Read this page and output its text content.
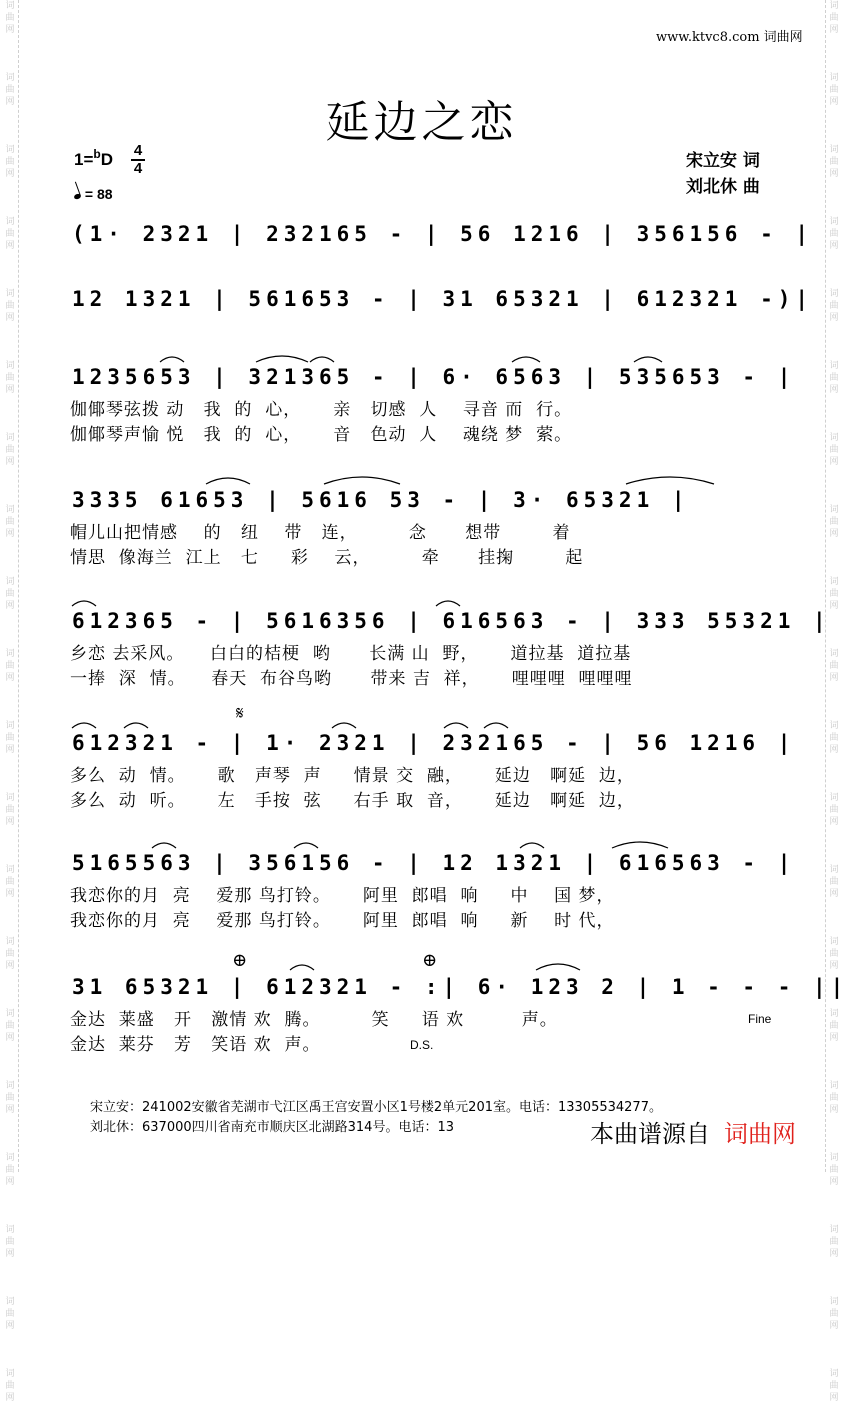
词
曲
网

词
曲
网

词
曲
网

词
曲
网

词
曲
网

词
曲
网

词
曲
网

词
曲
网

词
曲
网

词
曲
网

词
曲
网

词
曲
网

词
曲
网

词
曲
网

词
曲
网

词
曲
网

词
曲
网

词
曲
网

词
曲
网

词
曲
网

词
曲
网

词
曲
网

词
曲
网

词
曲
网

词
曲
网

词
曲
网

词
曲
网

词
曲
网

词
曲
网

词
曲
网

词
曲
网

词
曲
网

词
曲
网

词
曲
网

词
曲
网

词
曲
网

词
曲
网

词
曲
网

词
曲
网

词
曲
网

www.ktvc8.com 词曲网
延边之恋
宋立安 词
刘北休 曲
1=$^b$D 4
4
= 88
(1· 2321 | 232165 - | 56 1216 | 356156 - |
12 1321 | 561653 - | 31 65321 | 612321 -)|
1235653 | 321365 - | 6· 6563 | 535653 - |
伽倻琴弦拨 动   我  的  心，     亲   切感  人    寻音 而  行。
伽倻琴声愉 悦   我  的  心，     音   色动  人    魂绕 梦  萦。
3335 61653 | 5616 53 - | 3· 65321 |
帽儿山把情感    的   纽    带   连，        念      想带        着
情思  像海兰  江上   七     彩    云，        牵      挂掬        起
612365 - | 5616356 | 616563 - | 333 55321 |
乡恋 去采风。    白白的桔梗  哟      长满 山  野，     道拉基  道拉基
一捧  深  情。    春天  布谷鸟哟      带来 吉  祥，     哩哩哩  哩哩哩
𝄋
612321 - | 1· 2321 | 232165 - | 56 1216 |
多么  动  情。     歌   声琴  声     情景 交  融，     延边   啊延  边，
多么  动  听。     左   手按  弦     右手 取  音，     延边   啊延  边，
5165563 | 356156 - | 12 1321 | 616563 - |
我恋你的月  亮    爱那 鸟打铃。     阿里  郎唱  响     中    国 梦，
我恋你的月  亮    爱那 鸟打铃。     阿里  郎唱  响     新    时 代，
⊕	⊕
31 65321 | 612321 - :| 6· 123 2 | 1 - - - ||
金达  莱盛   开   激情 欢  腾。        笑     语 欢         声。
金达  莱芬   芳   笑语 欢  声。
Fine
D.S.
宋立安：241002安徽省芜湖市弋江区禹王宫安置小区1号楼2单元201室。电话：13305534277。
刘北休：637000四川省南充市顺庆区北湖路314号。电话：13	本曲谱源自 词曲网
